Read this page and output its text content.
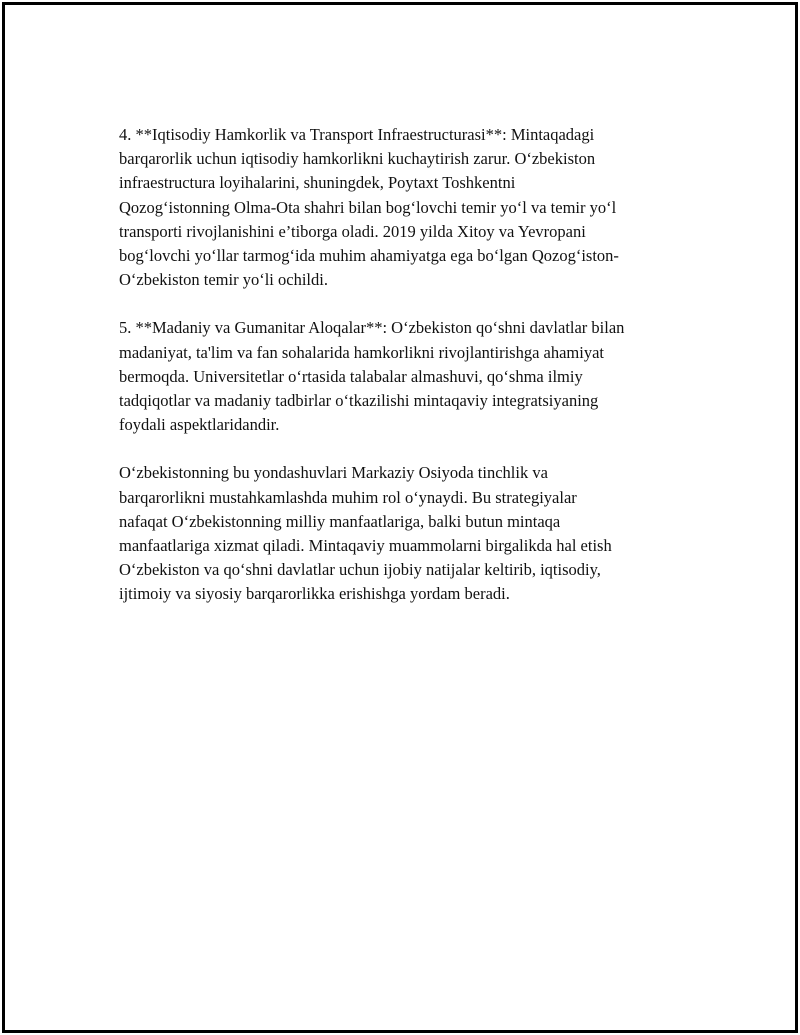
4. **Iqtisodiy Hamkorlik va Transport Infraestructurasi**: Mintaqadagi
barqarorlik uchun iqtisodiy hamkorlikni kuchaytirish zarur. O‘zbekiston
infraestructura loyihalarini, shuningdek, Poytaxt Toshkentni
Qozog‘istonning Olma-Ota shahri bilan bog‘lovchi temir yo‘l va temir yo‘l
transporti rivojlanishini e’tiborga oladi. 2019 yilda Xitoy va Yevropani
bog‘lovchi yo‘llar tarmog‘ida muhim ahamiyatga ega bo‘lgan Qozog‘iston-
O‘zbekiston temir yo‘li ochildi.

5. **Madaniy va Gumanitar Aloqalar**: O‘zbekiston qo‘shni davlatlar bilan
madaniyat, ta'lim va fan sohalarida hamkorlikni rivojlantirishga ahamiyat
bermoqda. Universitetlar o‘rtasida talabalar almashuvi, qo‘shma ilmiy
tadqiqotlar va madaniy tadbirlar o‘tkazilishi mintaqaviy integratsiyaning
foydali aspektlaridandir.

O‘zbekistonning bu yondashuvlari Markaziy Osiyoda tinchlik va
barqarorlikni mustahkamlashda muhim rol o‘ynaydi. Bu strategiyalar
nafaqat O‘zbekistonning milliy manfaatlariga, balki butun mintaqa
manfaatlariga xizmat qiladi. Mintaqaviy muammolarni birgalikda hal etish
O‘zbekiston va qo‘shni davlatlar uchun ijobiy natijalar keltirib, iqtisodiy,
ijtimoiy va siyosiy barqarorlikka erishishga yordam beradi.
